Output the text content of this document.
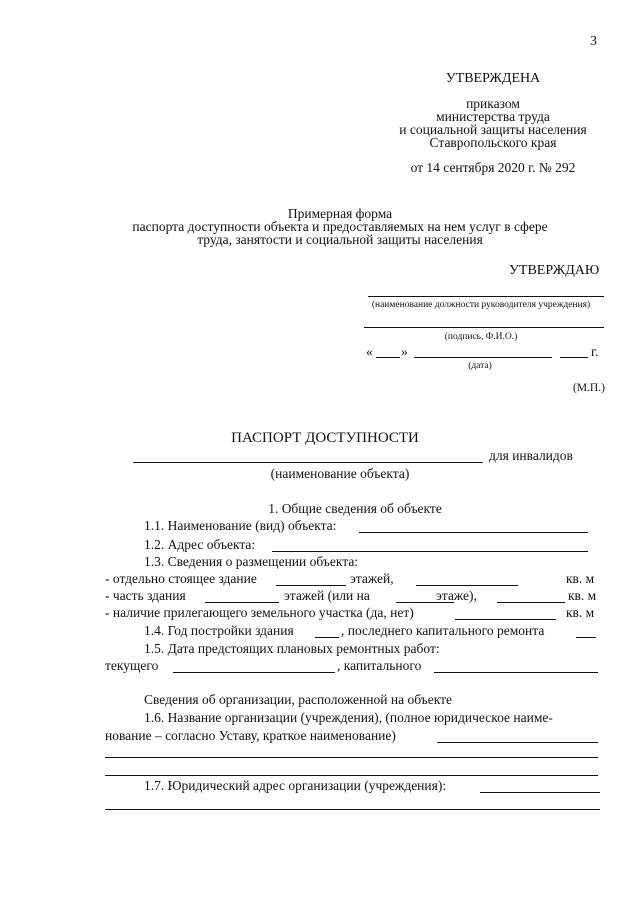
3
УТВЕРЖДЕНА
приказом
министерства труда
и социальной защиты населения
Ставропольского края
от 14 сентября 2020 г. № 292
Примерная форма
паспорта доступности объекта и предоставляемых на нем услуг в сфере
труда, занятости и социальной защиты населения
УТВЕРЖДАЮ
(наименование должности руководителя учреждения)
(подпись, Ф.И.О.)
« »	г.
(дата)
(М.П.)
ПАСПОРТ ДОСТУПНОСТИ
для инвалидов
(наименование объекта)
1. Общие сведения об объекте
1.1. Наименование (вид) объекта:
1.2. Адрес объекта:
1.3. Сведения о размещении объекта:
- отдельно стоящее здание	этажей,	кв. м
- часть здания	этажей (или на	этаже),	кв. м
- наличие прилегающего земельного участка (да, нет)	кв. м
1.4. Год постройки здания	, последнего капитального ремонта
1.5. Дата предстоящих плановых ремонтных работ:
текущего	, капитального
Сведения об организации, расположенной на объекте
1.6. Название организации (учреждения), (полное юридическое наиме-
нование – согласно Уставу, краткое наименование)
1.7. Юридический адрес организации (учреждения):
